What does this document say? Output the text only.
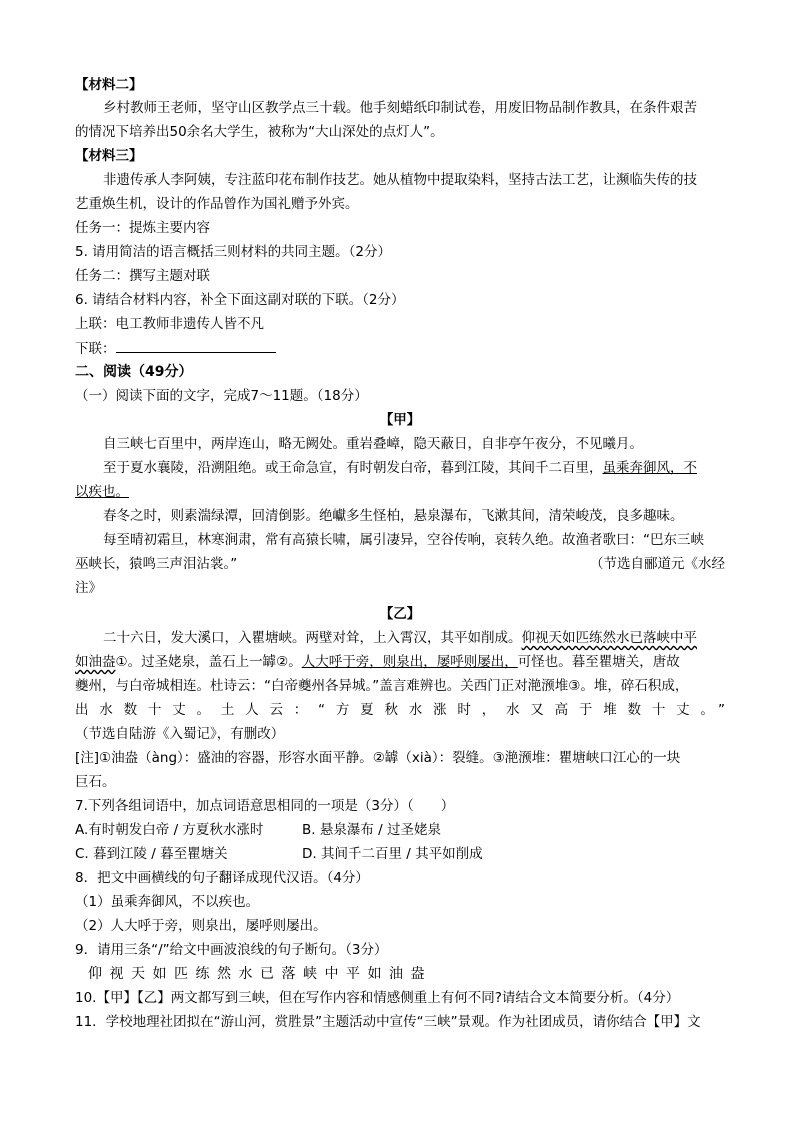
【材料二】
乡村教师王老师，坚守山区教学点三十载。他手刻蜡纸印制试卷，用废旧物品制作教具，在条件艰苦
的情况下培养出50余名大学生，被称为“大山深处的点灯人”。
【材料三】
非遗传承人李阿姨，专注蓝印花布制作技艺。她从植物中提取染料，坚持古法工艺，让濒临失传的技
艺重焕生机，设计的作品曾作为国礼赠予外宾。
任务一：提炼主要内容
5. 请用简洁的语言概括三则材料的共同主题。（2分）
任务二：撰写主题对联
6. 请结合材料内容，补全下面这副对联的下联。（2分）
上联：电工教师非遗传人皆不凡
下联：
二、阅读（49分）
（一）阅读下面的文字，完成7～11题。（18分）
【甲】
自三峡七百里中，两岸连山，略无阙处。重岩叠嶂，隐天蔽日，自非亭午夜分，不见曦月。
至于夏水襄陵，沿溯阻绝。或王命急宣，有时朝发白帝，暮到江陵，其间千二百里，虽乘奔御风，不
以疾也。
春冬之时，则素湍绿潭，回清倒影。绝巘多生怪柏，悬泉瀑布，飞漱其间，清荣峻茂，良多趣味。
每至晴初霜旦，林寒涧肃，常有高猿长啸，属引凄异，空谷传响，哀转久绝。故渔者歌曰：“巴东三峡
巫峡长，猿鸣三声泪沾裳。”	（节选自郦道元《水经
注》
【乙】
二十六日，发大溪口，入瞿塘峡。两壁对耸，上入霄汉，其平如削成。仰视天如匹练然水已落峡中平
如油盎①。过圣姥泉，盖石上一罅②。人大呼于旁，则泉出，屡呼则屡出，可怪也。暮至瞿塘关，唐故
夔州，与白帝城相连。杜诗云：“白帝夔州各异城。”盖言难辨也。关西门正对滟滪堆③。堆，碎石积成，
出水数十丈。土人云：“方夏秋水涨时，水又高于堆数十丈。”
（节选自陆游《入蜀记》，有删改）
[注]①油盎（àng）：盛油的容器，形容水面平静。②罅（xià）：裂缝。③滟滪堆：瞿塘峡口江心的一块
巨石。
7.下列各组词语中，加点词语意思相同的一项是（3分）（　　）
A.有时朝发白帝 / 方夏秋水涨时	B. 悬泉瀑布 / 过圣姥泉
C. 暮到江陵 / 暮至瞿塘关	D. 其间千二百里 / 其平如削成
8．把文中画横线的句子翻译成现代汉语。（4分）
（1）虽乘奔御风，不以疾也。
（2）人大呼于旁，则泉出，屡呼则屡出。
9．请用三条“/”给文中画波浪线的句子断句。（3分）
仰视天如匹练然水已落峡中平如油盎
10.【甲】【乙】两文都写到三峡，但在写作内容和情感侧重上有何不同?请结合文本简要分析。（4分）
11．学校地理社团拟在“游山河，赏胜景”主题活动中宣传“三峡”景观。作为社团成员，请你结合【甲】文
